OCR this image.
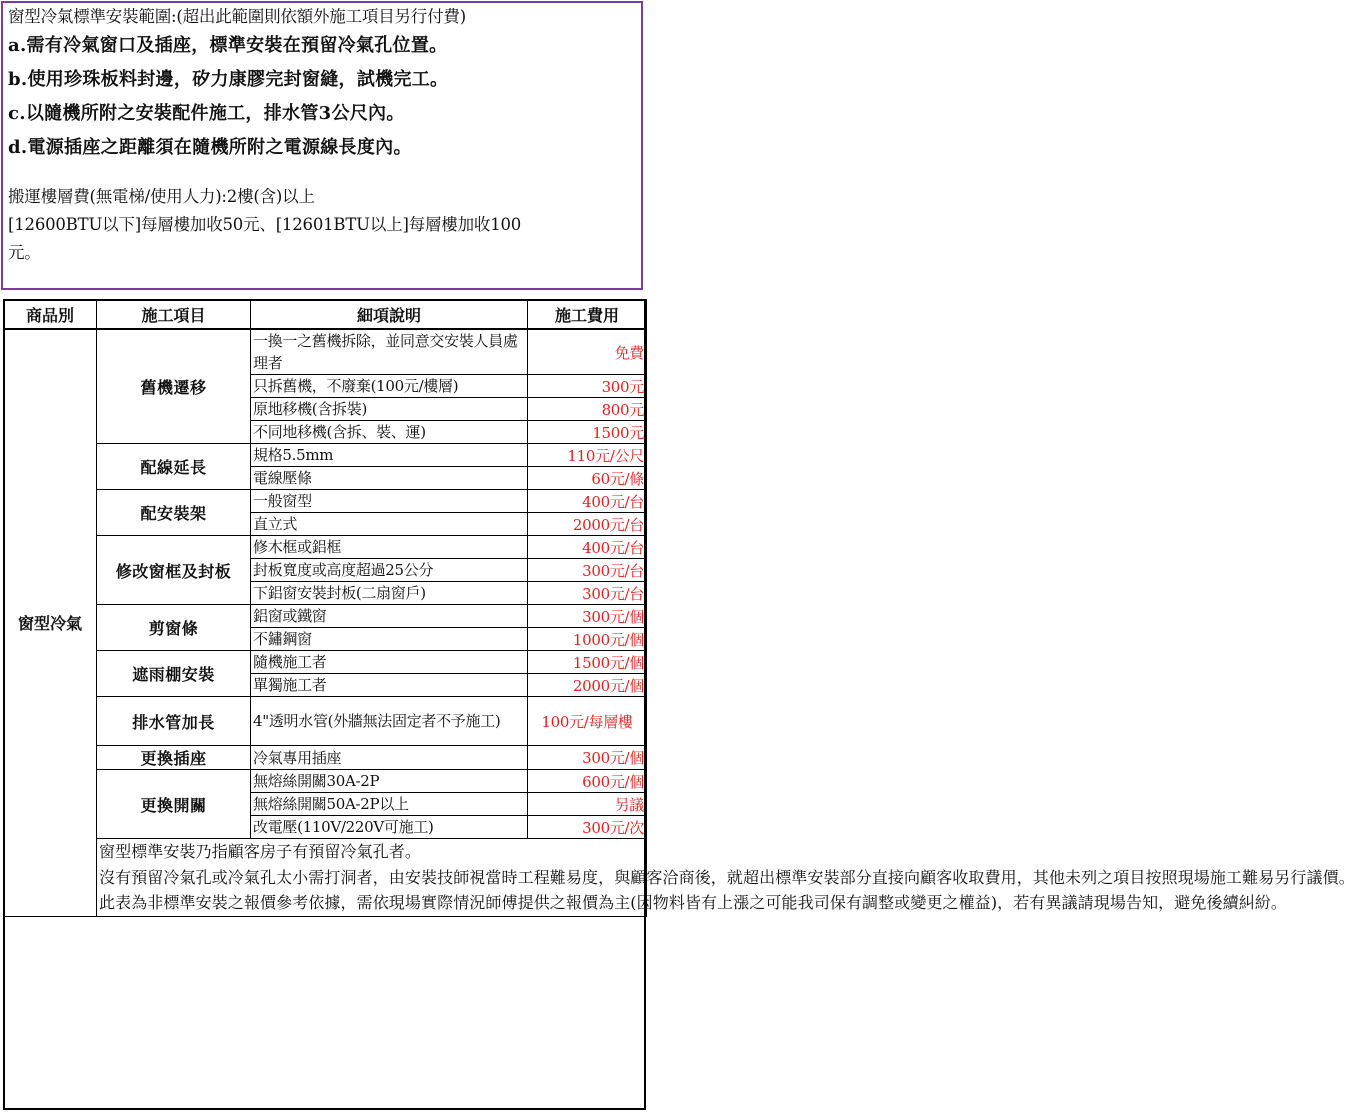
窗型冷氣標準安裝範圍:(超出此範圍則依額外施工項目另行付費)
a.需有冷氣窗口及插座，標準安裝在預留冷氣孔位置。
b.使用珍珠板料封邊，矽力康膠完封窗縫，試機完工。
c.以隨機所附之安裝配件施工，排水管3公尺內。
d.電源插座之距離須在隨機所附之電源線長度內。
搬運樓層費(無電梯/使用人力):2樓(含)以上
[12600BTU以下]每層樓加收50元、[12601BTU以上]每層樓加收100
元。
商品別	施工項目	細項說明	施工費用
窗型冷氣	舊機遷移	一換一之舊機拆除，並同意交安裝人員處理者	免費
		只拆舊機，不廢棄(100元/樓層)	300元
		原地移機(含拆裝)	800元
		不同地移機(含拆、裝、運)	1500元
	配線延長	規格5.5mm	110元/公尺
		電線壓條	60元/條
	配安裝架	一般窗型	400元/台
		直立式	2000元/台
	修改窗框及封板	修木框或鋁框	400元/台
		封板寬度或高度超過25公分	300元/台
		下鋁窗安裝封板(二扇窗戶)	300元/台
	剪窗條	鋁窗或鐵窗	300元/個
		不鏽鋼窗	1000元/個
	遮雨棚安裝	隨機施工者	1500元/個
		單獨施工者	2000元/個
	排水管加長	4"透明水管(外牆無法固定者不予施工)	100元/每層樓
	更換插座	冷氣專用插座	300元/個
	更換開關	無熔絲開關30A-2P	600元/個
		無熔絲開關50A-2P以上	另議
		改電壓(110V/220V可施工)	300元/次

	窗型標準安裝乃指顧客房子有預留冷氣孔者。

沒有預留冷氣孔或冷氣孔太小需打洞者，由安裝技師視當時工程難易度，與顧客洽商後，就超出標準安裝部分直接向顧客收取費用，其他未列之項目按照現場施工難易另行議價。

此表為非標準安裝之報價參考依據，需依現場實際情況師傅提供之報價為主(因物料皆有上漲之可能我司保有調整或變更之權益)，若有異議請現場告知，避免後續糾紛。		
